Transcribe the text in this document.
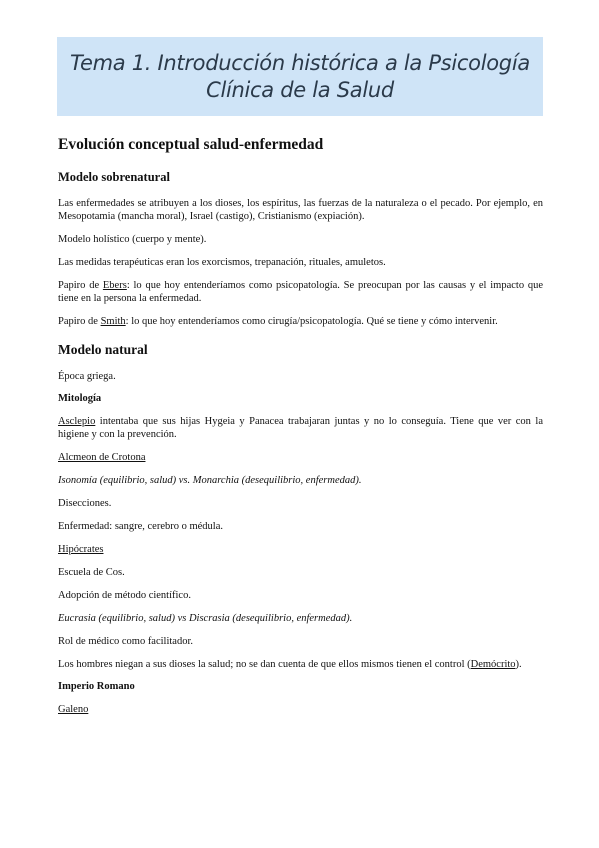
Tema 1. Introducción histórica a la Psicología Clínica de la Salud
Evolución conceptual salud-enfermedad
Modelo sobrenatural

Las enfermedades se atribuyen a los dioses, los espíritus, las fuerzas de la naturaleza o el pecado. Por ejemplo, en Mesopotamia (mancha moral), Israel (castigo), Cristianismo (expiación).

Modelo holístico (cuerpo y mente).

Las medidas terapéuticas eran los exorcismos, trepanación, rituales, amuletos.

Papiro de Ebers: lo que hoy entenderíamos como psicopatología. Se preocupan por las causas y el impacto que tiene en la persona la enfermedad.

Papiro de Smith: lo que hoy entenderíamos como cirugía/psicopatología. Qué se tiene y cómo intervenir.

Modelo natural

Época griega.

Mitología

Asclepio intentaba que sus hijas Hygeia y Panacea trabajaran juntas y no lo conseguía. Tiene que ver con la higiene y con la prevención.

Alcmeon de Crotona

Isonomía (equilibrio, salud) vs. Monarchia (desequilibrio, enfermedad).

Disecciones.

Enfermedad: sangre, cerebro o médula.

Hipócrates

Escuela de Cos.

Adopción de método científico.

Eucrasia (equilibrio, salud) vs Discrasia (desequilibrio, enfermedad).

Rol de médico como facilitador.

Los hombres niegan a sus dioses la salud; no se dan cuenta de que ellos mismos tienen el control (Demócrito).

Imperio Romano

Galeno
